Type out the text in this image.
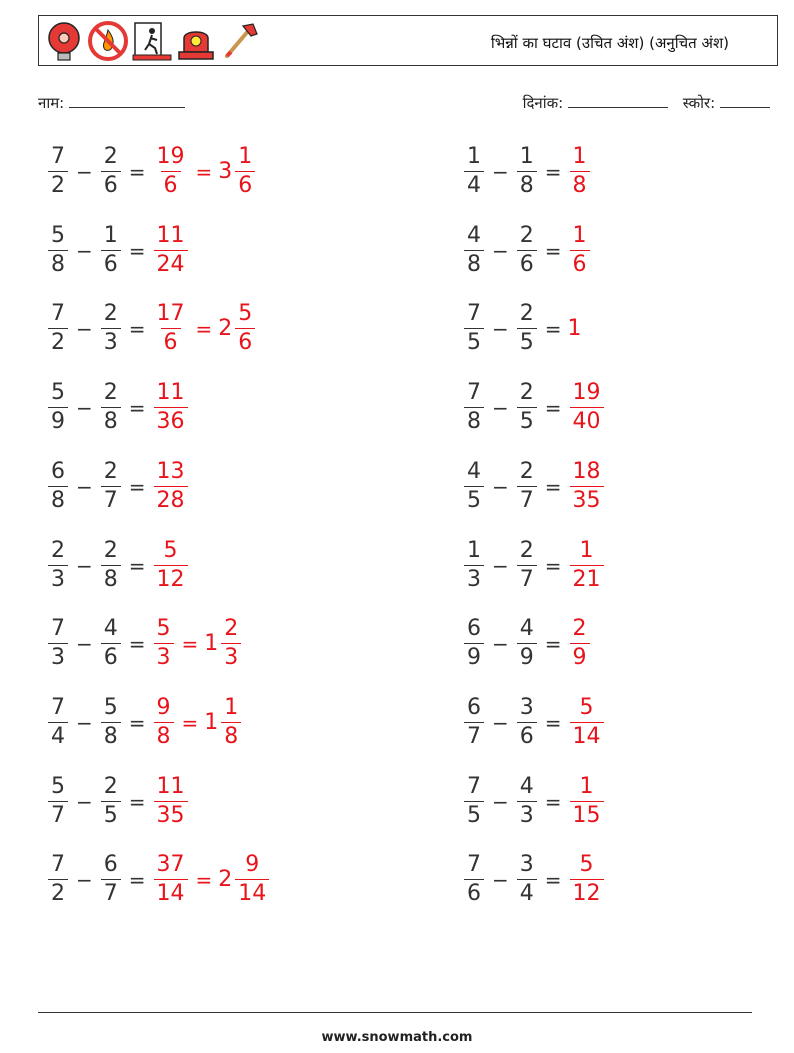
भिन्नों का घटाव (उचित अंश) (अनुचित अंश)
नाम:	दिनांक:	स्कोर:
$\frac{7}{2} - \frac{2}{6} = \frac{19}{6} = 3 \frac{1}{6}$	$\frac{1}{4} - \frac{1}{8} = \frac{1}{8}$
$\frac{5}{8} - \frac{1}{6} = \frac{11}{24}$	$\frac{4}{8} - \frac{2}{6} = \frac{1}{6}$
$\frac{7}{2} - \frac{2}{3} = \frac{17}{6} = 2 \frac{5}{6}$	$\frac{7}{5} - \frac{2}{5} = 1$
$\frac{5}{9} - \frac{2}{8} = \frac{11}{36}$	$\frac{7}{8} - \frac{2}{5} = \frac{19}{40}$
$\frac{6}{8} - \frac{2}{7} = \frac{13}{28}$	$\frac{4}{5} - \frac{2}{7} = \frac{18}{35}$
$\frac{2}{3} - \frac{2}{8} = \frac{5}{12}$	$\frac{1}{3} - \frac{2}{7} = \frac{1}{21}$
$\frac{7}{3} - \frac{4}{6} = \frac{5}{3} = 1 \frac{2}{3}$	$\frac{6}{9} - \frac{4}{9} = \frac{2}{9}$
$\frac{7}{4} - \frac{5}{8} = \frac{9}{8} = 1 \frac{1}{8}$	$\frac{6}{7} - \frac{3}{6} = \frac{5}{14}$
$\frac{5}{7} - \frac{2}{5} = \frac{11}{35}$	$\frac{7}{5} - \frac{4}{3} = \frac{1}{15}$
$\frac{7}{2} - \frac{6}{7} = \frac{37}{14} = 2 \frac{9}{14}$	$\frac{7}{6} - \frac{3}{4} = \frac{5}{12}$
www.snowmath.com
